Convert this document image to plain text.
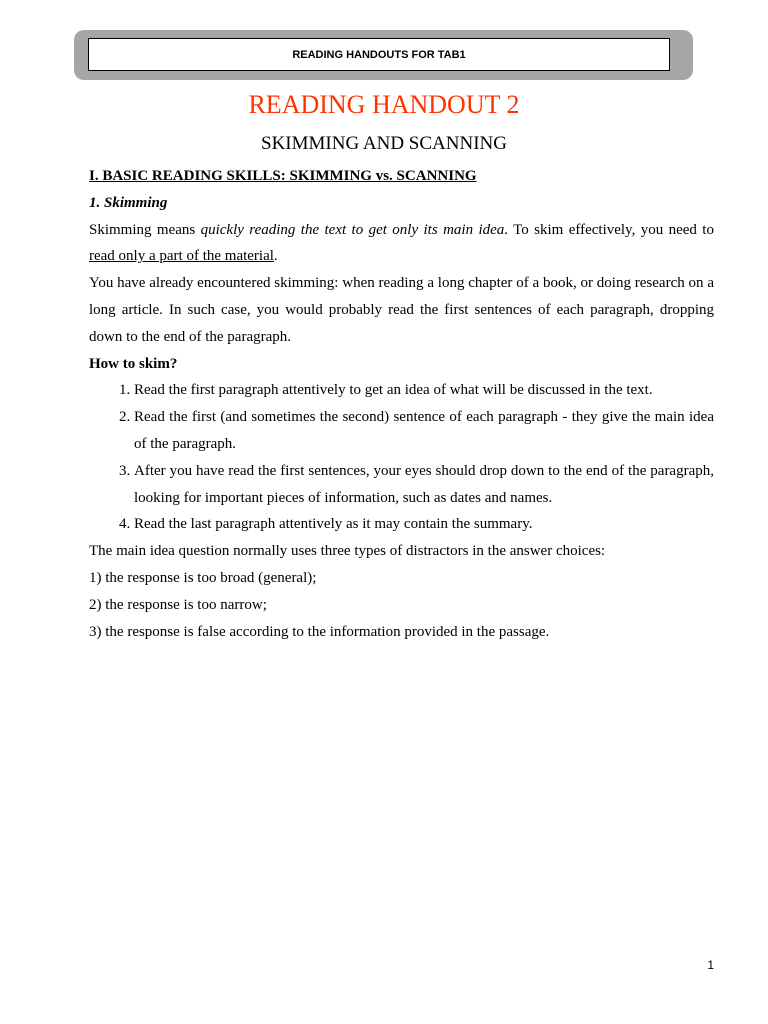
READING HANDOUTS FOR TAB1
READING HANDOUT 2
SKIMMING AND SCANNING

I. BASIC READING SKILLS: SKIMMING vs. SCANNING

1. Skimming

Skimming means quickly reading the text to get only its main idea. To skim effectively, you need to read only a part of the material.

You have already encountered skimming: when reading a long chapter of a book, or doing research on a long article. In such case, you would probably read the first sentences of each paragraph, dropping down to the end of the paragraph.

How to skim?

1. Read the first paragraph attentively to get an idea of what will be discussed in the text.
2. Read the first (and sometimes the second) sentence of each paragraph - they give the main idea of the paragraph.
3. After you have read the first sentences, your eyes should drop down to the end of the paragraph, looking for important pieces of information, such as dates and names.
4. Read the last paragraph attentively as it may contain the summary.

The main idea question normally uses three types of distractors in the answer choices:

1) the response is too broad (general);

2) the response is too narrow;

3) the response is false according to the information provided in the passage.

1
